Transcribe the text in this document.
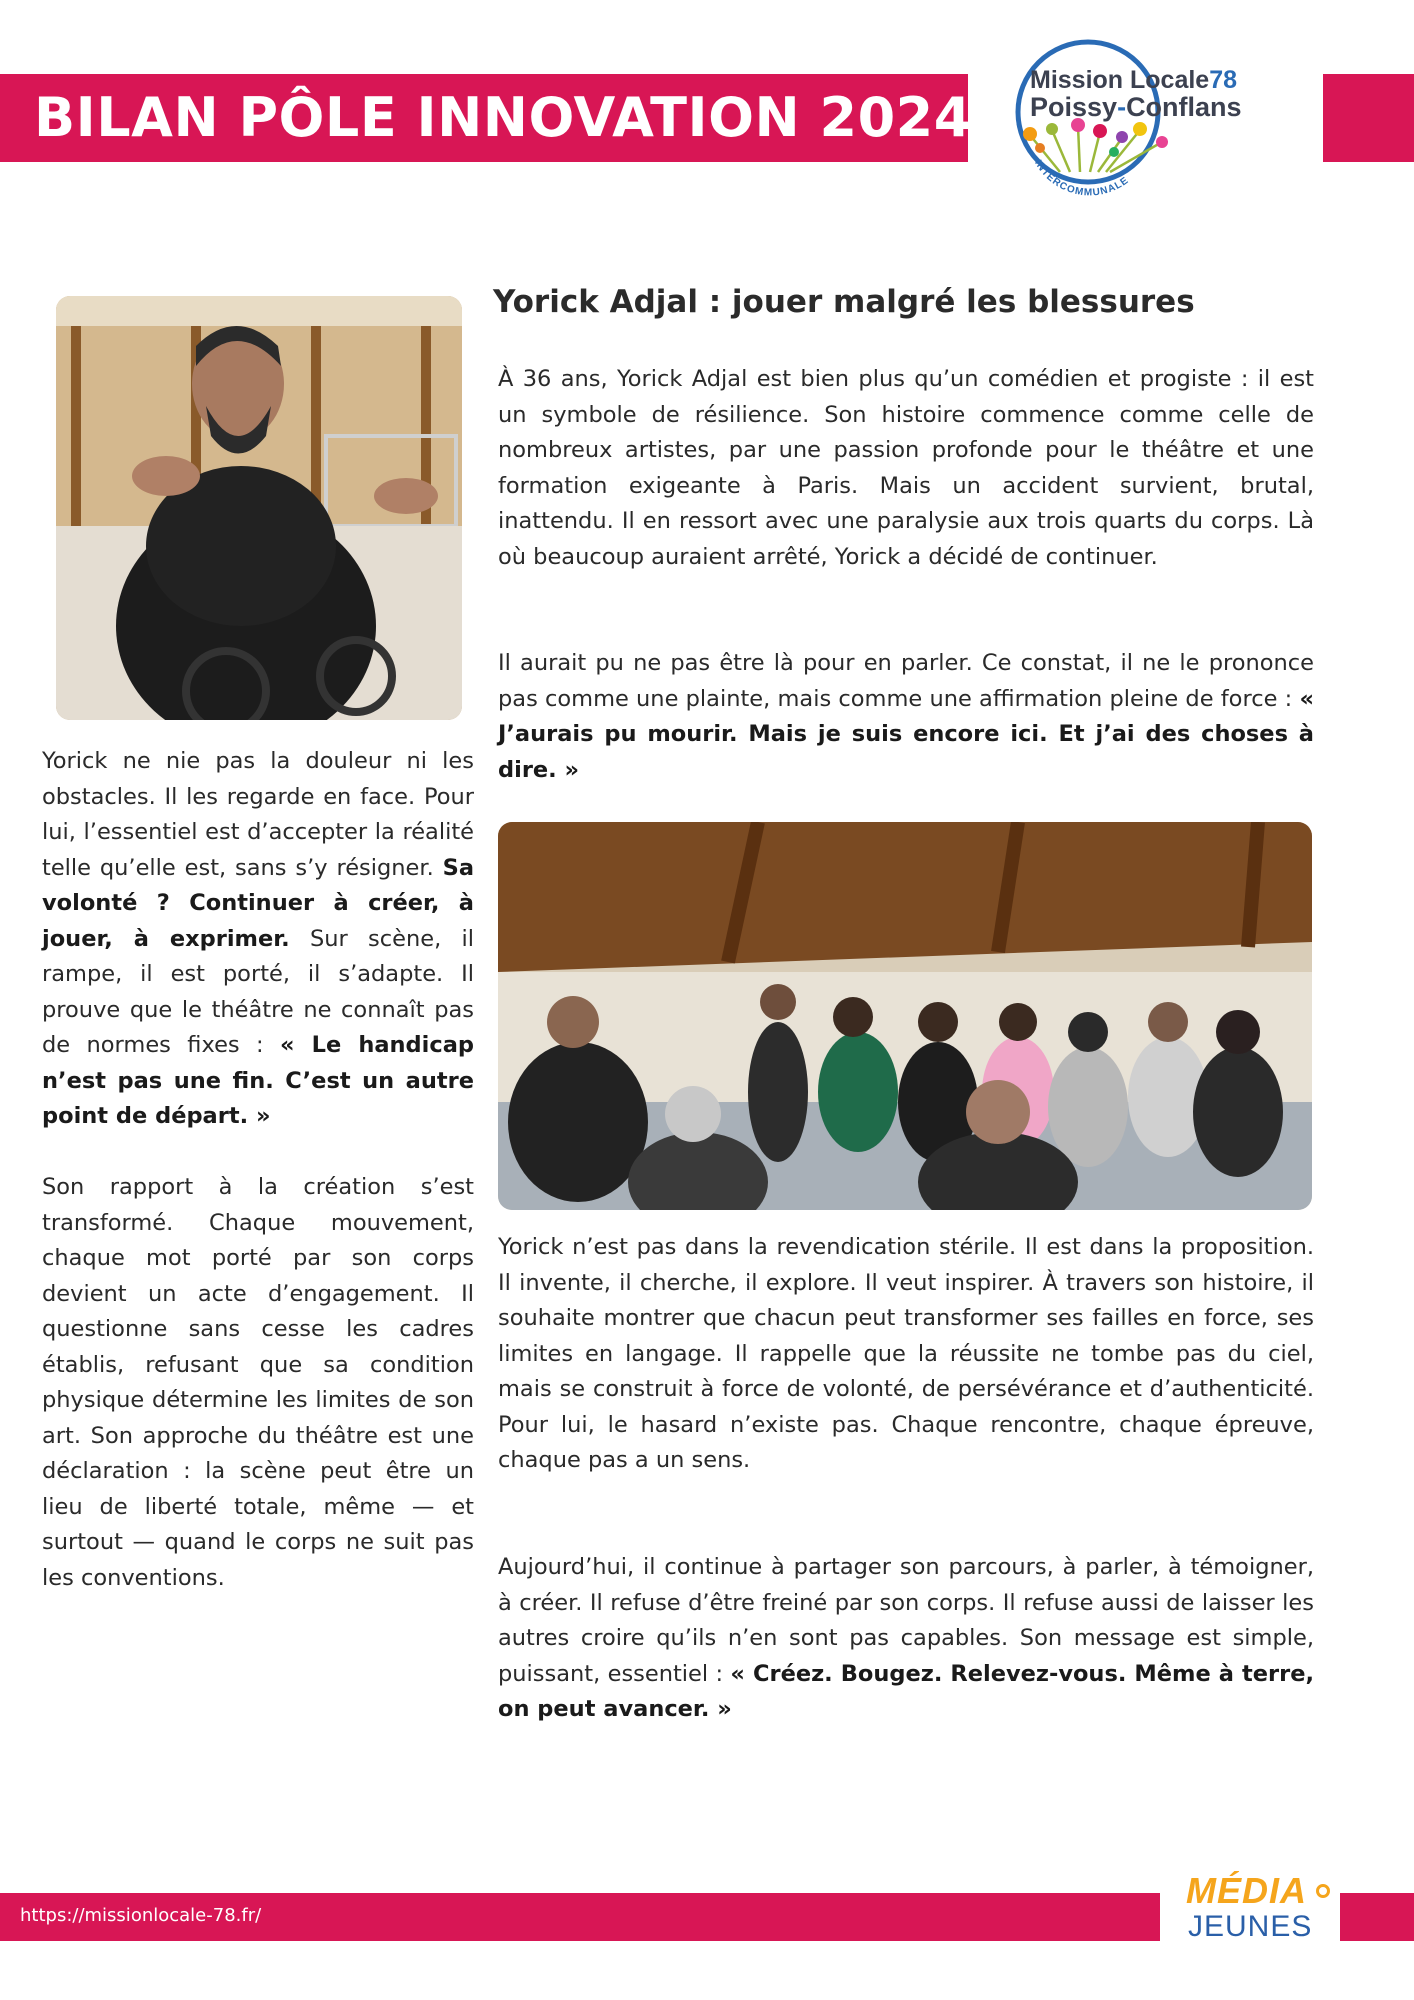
BILAN PÔLE INNOVATION 2024
Mission Locale78
Poissy-Conflans
INTERCOMMUNALE
Yorick Adjal : jouer malgré les blessures

À 36 ans, Yorick Adjal est bien plus qu’un comédien et progiste : il est un symbole de résilience. Son histoire commence comme celle de nombreux artistes, par une passion profonde pour le théâtre et une formation exigeante à Paris. Mais un accident survient, brutal, inattendu. Il en ressort avec une paralysie aux trois quarts du corps. Là où beaucoup auraient arrêté, Yorick a décidé de continuer.

Il aurait pu ne pas être là pour en parler. Ce constat, il ne le prononce pas comme une plainte, mais comme une affirmation pleine de force : « J’aurais pu mourir. Mais je suis encore ici. Et j’ai des choses à dire. »

Yorick ne nie pas la douleur ni les obstacles. Il les regarde en face. Pour lui, l’essentiel est d’accepter la réalité telle qu’elle est, sans s’y résigner. Sa volonté ? Continuer à créer, à jouer, à exprimer. Sur scène, il rampe, il est porté, il s’adapte. Il prouve que le théâtre ne connaît pas de normes fixes : « Le handicap n’est pas une fin. C’est un autre point de départ. »

Son rapport à la création s’est transformé. Chaque mouvement, chaque mot porté par son corps devient un acte d’engagement. Il questionne sans cesse les cadres établis, refusant que sa condition physique détermine les limites de son art. Son approche du théâtre est une déclaration : la scène peut être un lieu de liberté totale, même — et surtout — quand le corps ne suit pas les conventions.

Yorick n’est pas dans la revendication stérile. Il est dans la proposition. Il invente, il cherche, il explore. Il veut inspirer. À travers son histoire, il souhaite montrer que chacun peut transformer ses failles en force, ses limites en langage. Il rappelle que la réussite ne tombe pas du ciel, mais se construit à force de volonté, de persévérance et d’authenticité. Pour lui, le hasard n’existe pas. Chaque rencontre, chaque épreuve, chaque pas a un sens.

Aujourd’hui, il continue à partager son parcours, à parler, à témoigner, à créer. Il refuse d’être freiné par son corps. Il refuse aussi de laisser les autres croire qu’ils n’en sont pas capables. Son message est simple, puissant, essentiel : « Créez. Bougez. Relevez-vous. Même à terre, on peut avancer. »

https://missionlocale-78.fr/
MÉDIA
JEUNES
